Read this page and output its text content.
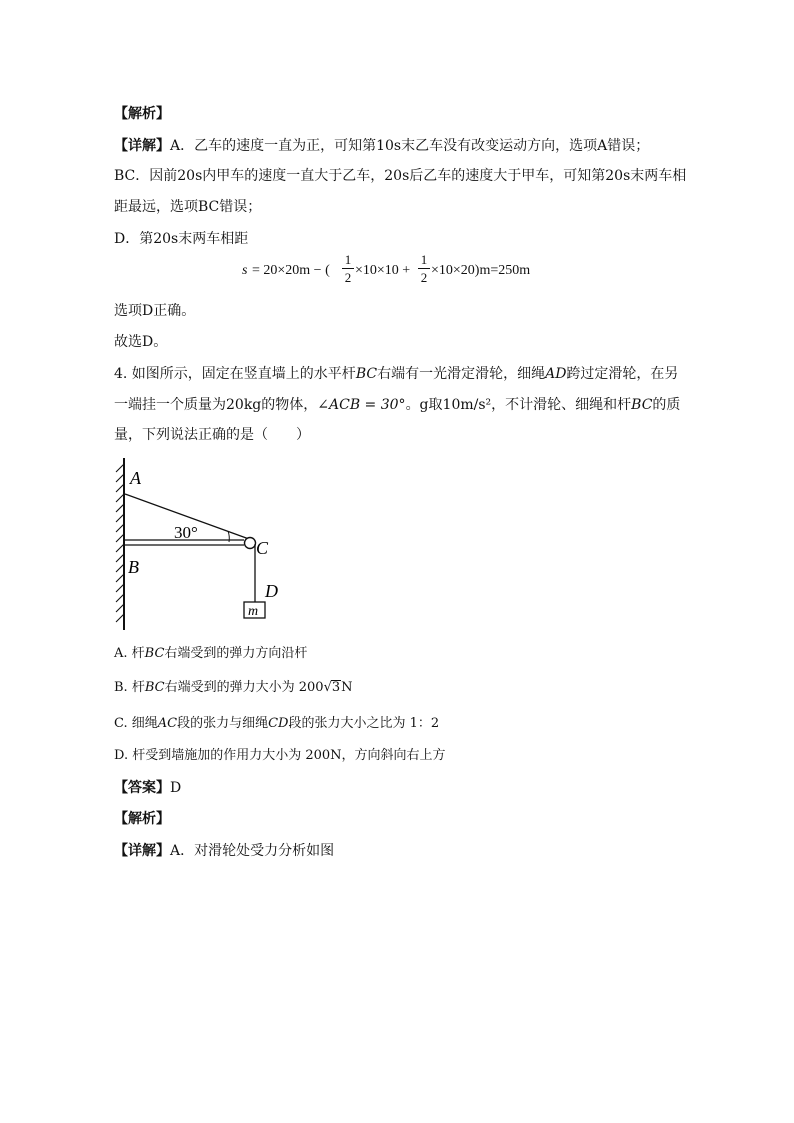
【解析】
【详解】A．乙车的速度一直为正，可知第10s末乙车没有改变运动方向，选项A错误；
BC．因前20s内甲车的速度一直大于乙车，20s后乙车的速度大于甲车，可知第20s末两车相
距最远，选项BC错误；
D．第20s末两车相距
s = 20×20m − (
1
2 ×10×10 +
1
2 ×10×20)m=250m
选项D正确。
故选D。
4. 如图所示，固定在竖直墙上的水平杆BC右端有一光滑定滑轮，细绳AD跨过定滑轮，在另
一端挂一个质量为20kg的物体，∠ACB = 30°。g取10m/s²，不计滑轮、细绳和杆BC的质
量，下列说法正确的是（　　）
A
30°
C
B
D
m
A. 杆BC右端受到的弹力方向沿杆
B. 杆BC右端受到的弹力大小为 200√3N
C. 细绳AC段的张力与细绳CD段的张力大小之比为 1：2
D. 杆受到墙施加的作用力大小为 200N，方向斜向右上方
【答案】D
【解析】
【详解】A．对滑轮处受力分析如图
